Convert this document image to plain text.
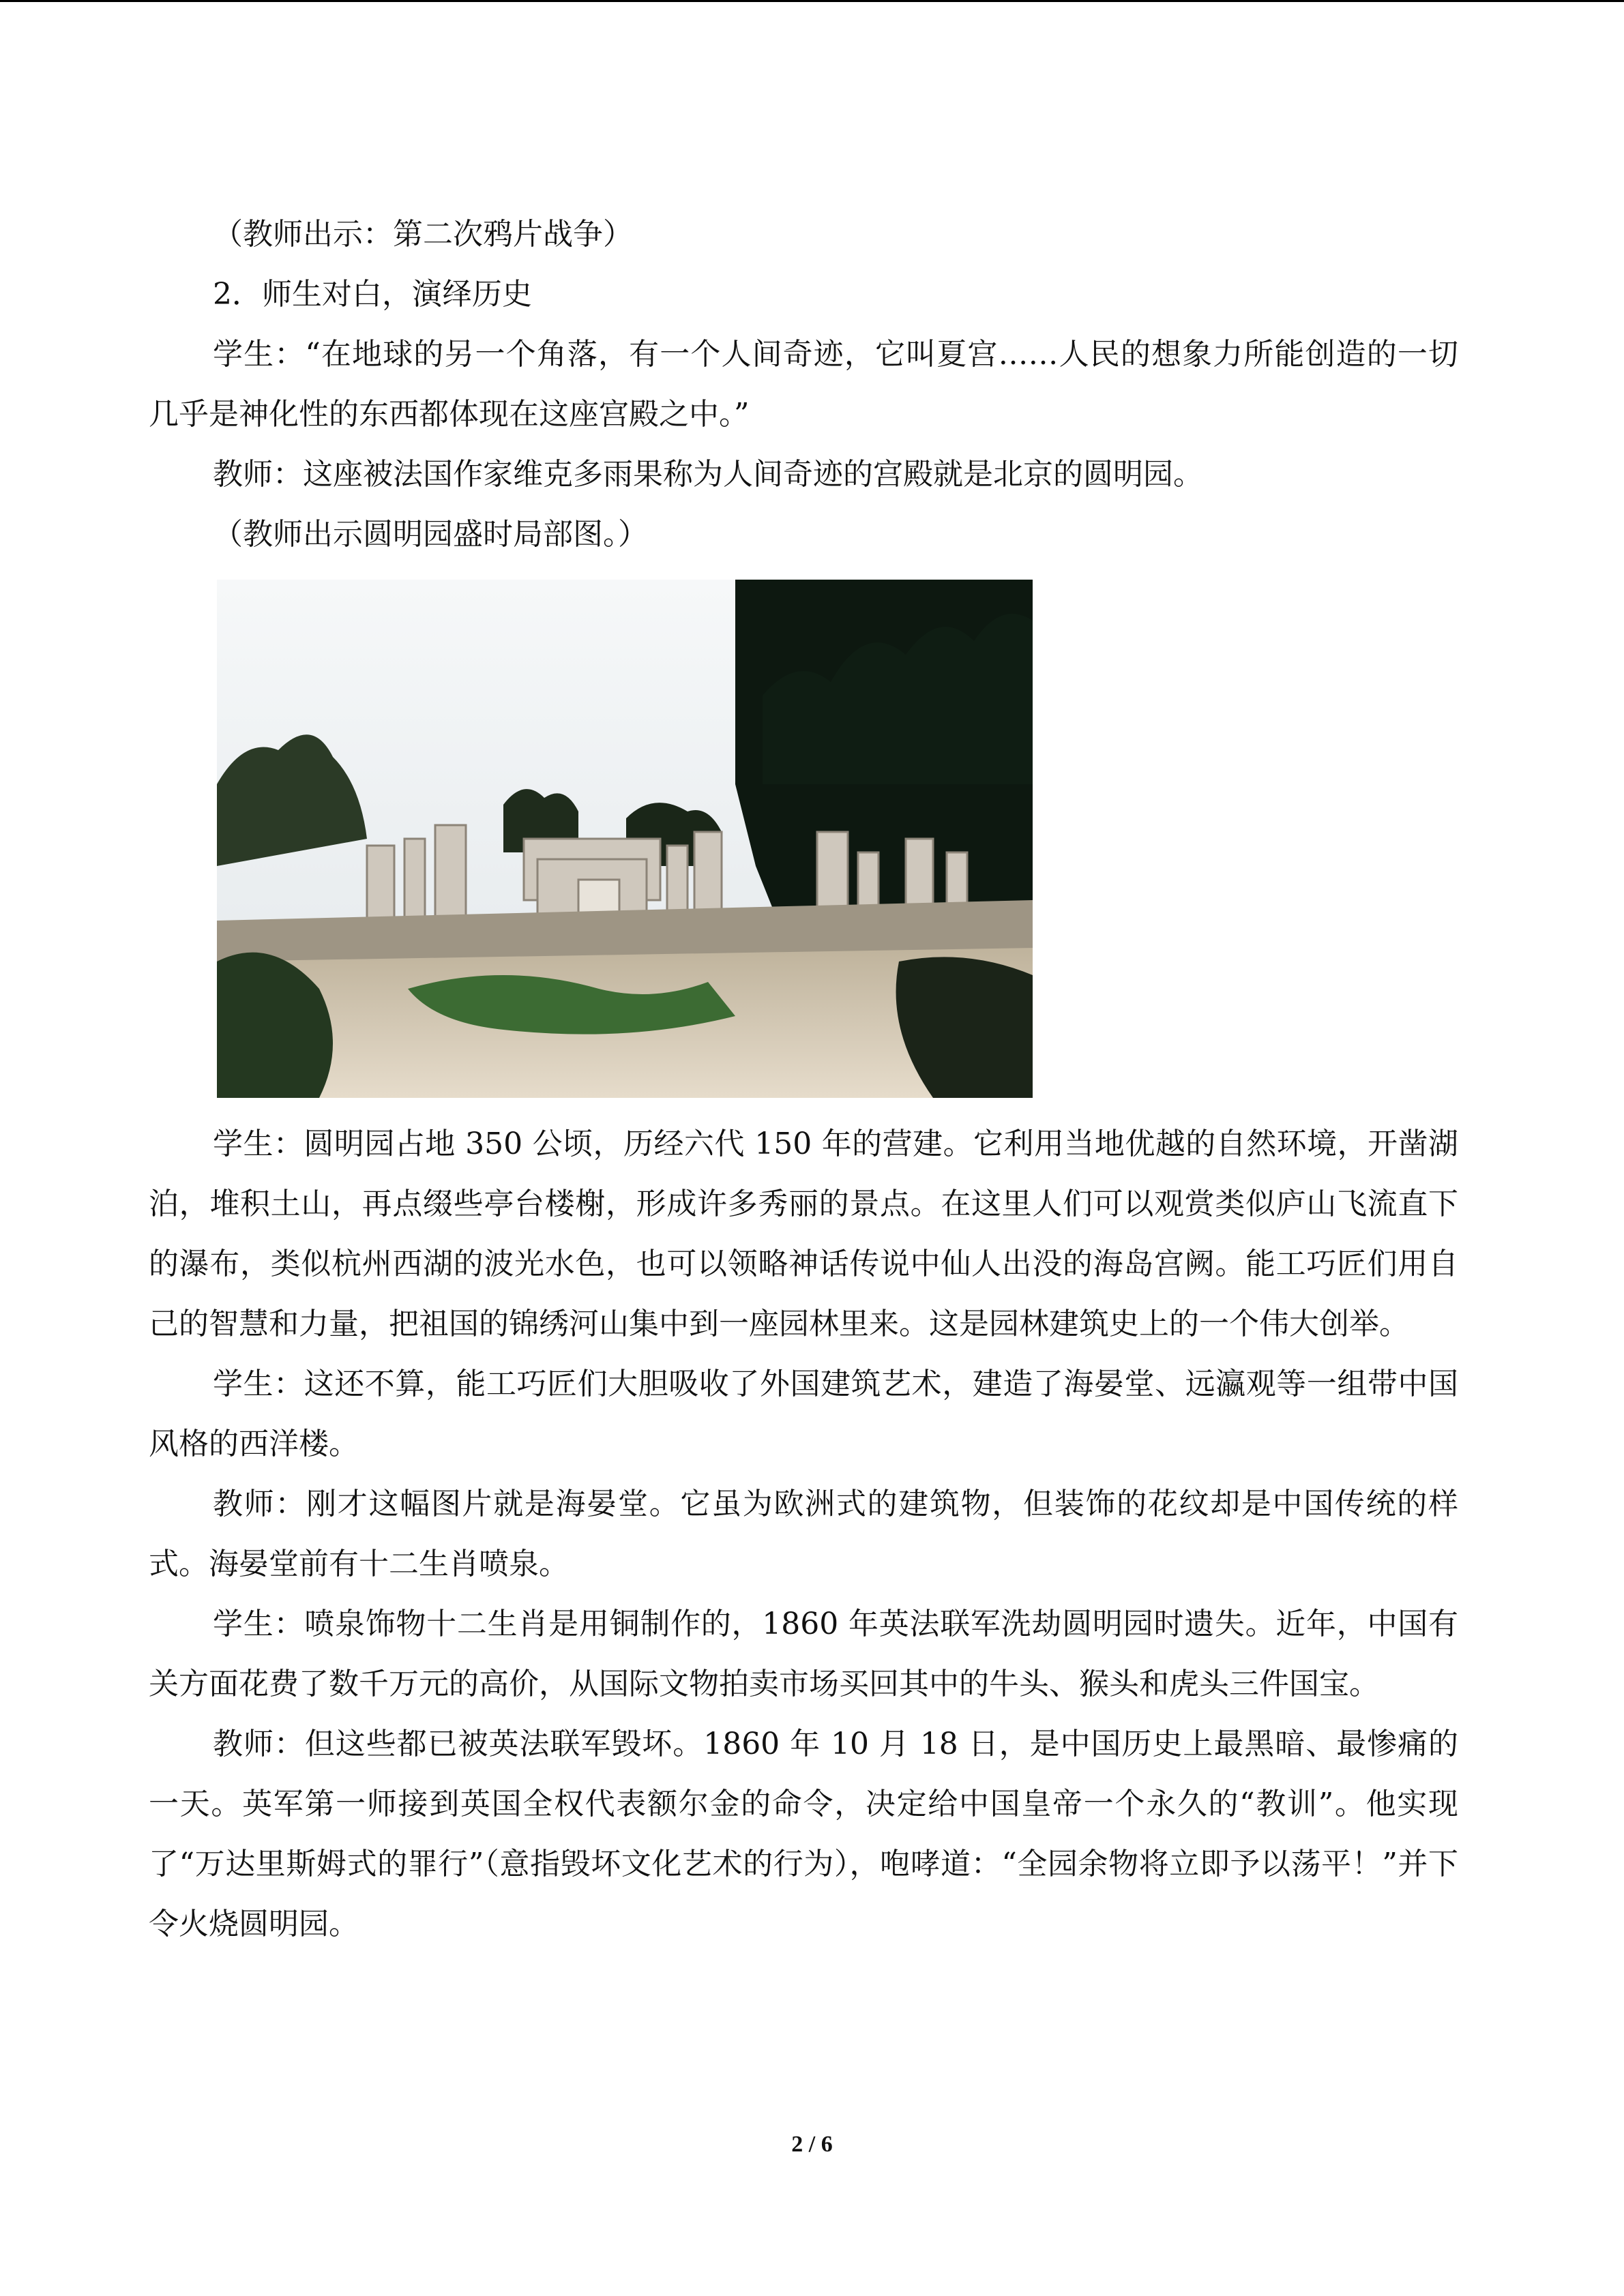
（教师出示：第二次鸦片战争）

2．师生对白，演绎历史

学生：“在地球的另一个角落，有一个人间奇迹，它叫夏宫……人民的想象力所能创造的一切几乎是神化性的东西都体现在这座宫殿之中。”

教师：这座被法国作家维克多雨果称为人间奇迹的宫殿就是北京的圆明园。

（教师出示圆明园盛时局部图。）

学生：圆明园占地 350 公顷，历经六代 150 年的营建。它利用当地优越的自然环境，开凿湖泊，堆积土山，再点缀些亭台楼榭，形成许多秀丽的景点。在这里人们可以观赏类似庐山飞流直下的瀑布，类似杭州西湖的波光水色，也可以领略神话传说中仙人出没的海岛宫阙。能工巧匠们用自己的智慧和力量，把祖国的锦绣河山集中到一座园林里来。这是园林建筑史上的一个伟大创举。

学生：这还不算，能工巧匠们大胆吸收了外国建筑艺术，建造了海晏堂、远瀛观等一组带中国风格的西洋楼。

教师：刚才这幅图片就是海晏堂。它虽为欧洲式的建筑物，但装饰的花纹却是中国传统的样式。海晏堂前有十二生肖喷泉。

学生：喷泉饰物十二生肖是用铜制作的，1860 年英法联军洗劫圆明园时遗失。近年，中国有关方面花费了数千万元的高价，从国际文物拍卖市场买回其中的牛头、猴头和虎头三件国宝。

教师：但这些都已被英法联军毁坏。1860 年 10 月 18 日，是中国历史上最黑暗、最惨痛的一天。英军第一师接到英国全权代表额尔金的命令，决定给中国皇帝一个永久的“教训”。他实现了“万达里斯姆式的罪行”（意指毁坏文化艺术的行为），咆哮道：“全园余物将立即予以荡平！”并下令火烧圆明园。

2 / 6
